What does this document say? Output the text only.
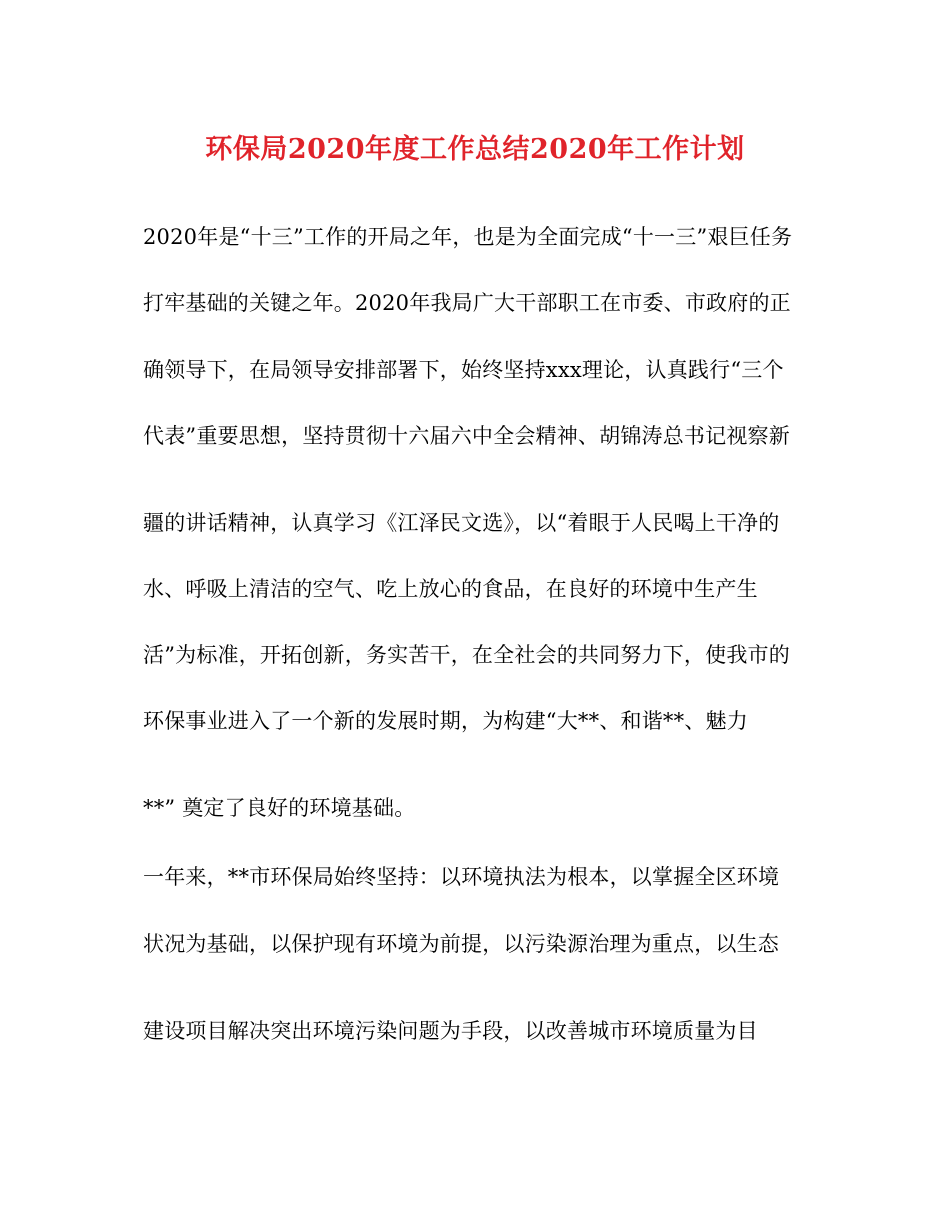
环保局2020年度工作总结2020年工作计划
2020年是“十三”工作的开局之年，也是为全面完成“十一三”艰巨任务
打牢基础的关键之年。2020年我局广大干部职工在市委、市政府的正
确领导下，在局领导安排部署下，始终坚持xxx理论，认真践行“三个
代表”重要思想，坚持贯彻十六届六中全会精神、胡锦涛总书记视察新
疆的讲话精神，认真学习《江泽民文选》，以“着眼于人民喝上干净的
水、呼吸上清洁的空气、吃上放心的食品，在良好的环境中生产生
活”为标准，开拓创新，务实苦干，在全社会的共同努力下，使我市的
环保事业进入了一个新的发展时期，为构建“大**、和谐**、魅力
**” 奠定了良好的环境基础。
一年来，**市环保局始终坚持：以环境执法为根本，以掌握全区环境
状况为基础，以保护现有环境为前提，以污染源治理为重点，以生态
建设项目解决突出环境污染问题为手段，以改善城市环境质量为目
